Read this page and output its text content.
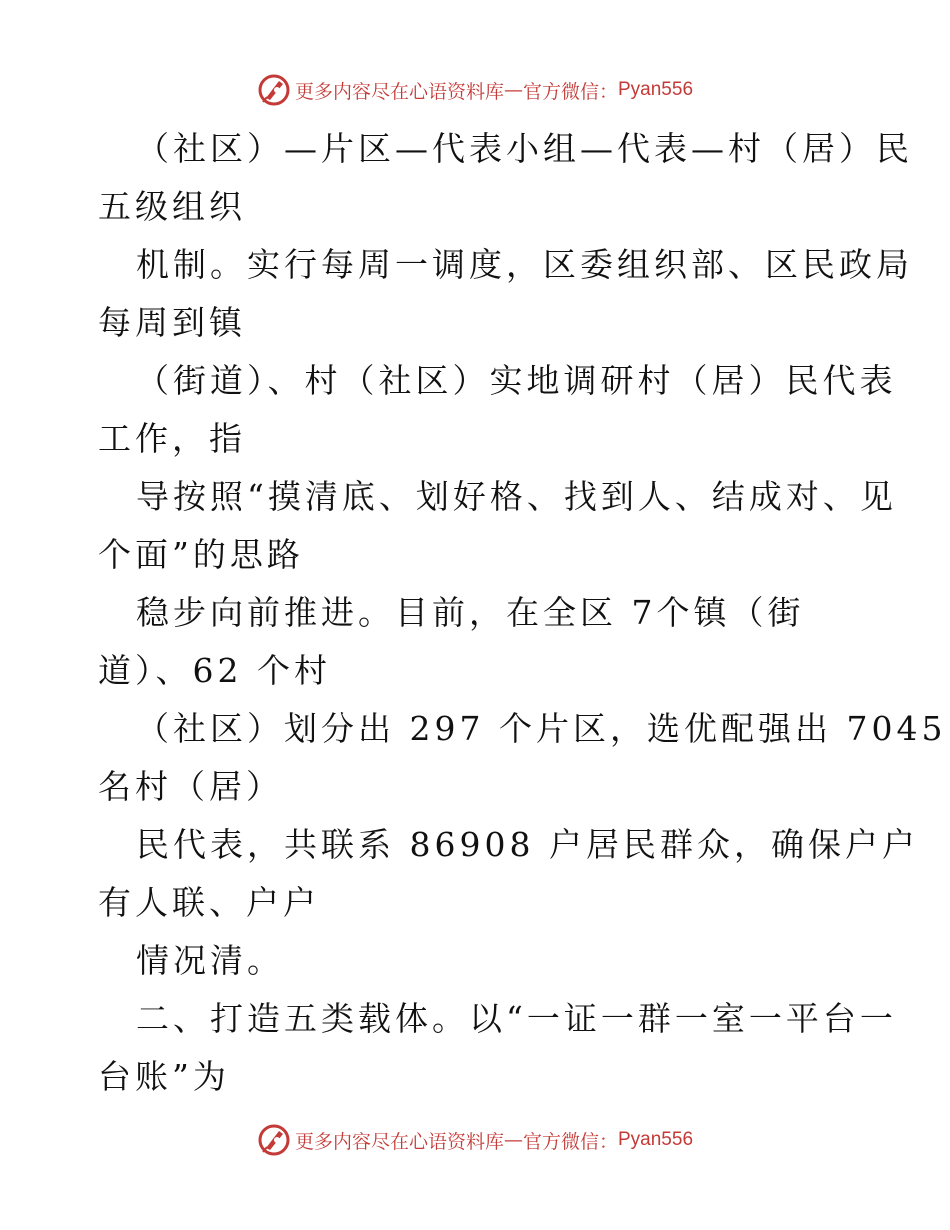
更多内容尽在心语资料库 — 官方微信： Pyan556
（社区）—片区—代表小组—代表—村（居）民
五级组织
机制。实行每周一调度，区委组织部、区民政局
每周到镇
（街道）、村（社区）实地调研村（居）民代表
工作，指
导按照“摸清底、划好格、找到人、结成对、见
个面”的思路
稳步向前推进。目前，在全区 7个镇（街
道）、62 个村
（社区）划分出 297 个片区，选优配强出 7045
名村（居）
民代表，共联系 86908 户居民群众，确保户户
有人联、户户
情况清。
二、打造五类载体。以“一证一群一室一平台一
台账”为
更多内容尽在心语资料库 — 官方微信： Pyan556
